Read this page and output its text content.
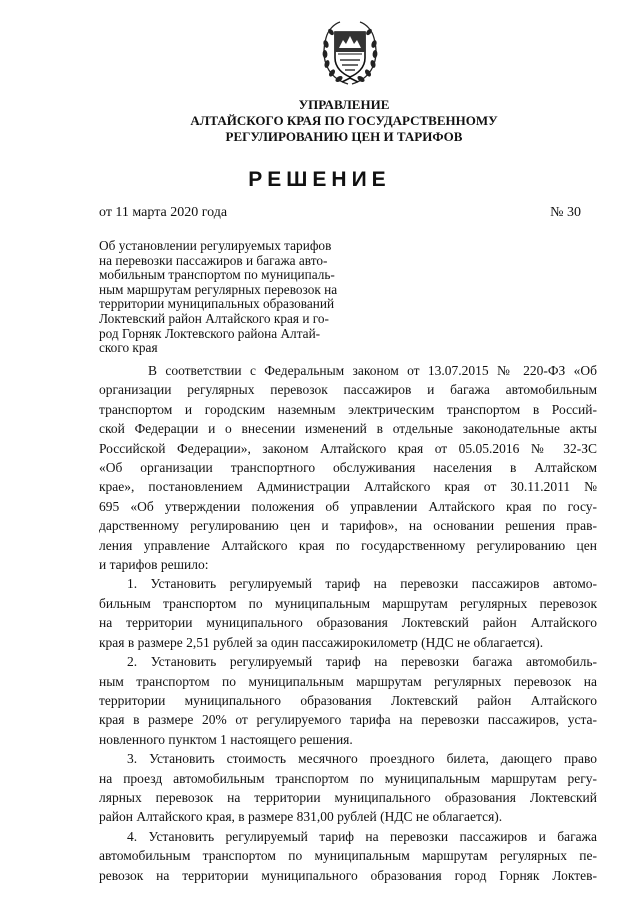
УПРАВЛЕНИЕ
АЛТАЙСКОГО КРАЯ ПО ГОСУДАРСТВЕННОМУ
РЕГУЛИРОВАНИЮ ЦЕН И ТАРИФОВ
РЕШЕНИЕ
от 11 марта 2020 года	№ 30
Об установлении регулируемых тарифов
на перевозки пассажиров и багажа авто-
мобильным транспортом по муниципаль-
ным маршрутам регулярных перевозок на
территории муниципальных образований
Локтевский район Алтайского края и го-
род Горняк Локтевского района Алтай-
ского края
В соответствии с Федеральным законом от 13.07.2015 № 220-ФЗ «Об
организации регулярных перевозок пассажиров и багажа автомобильным
транспортом и городским наземным электрическим транспортом в Россий-
ской Федерации и о внесении изменений в отдельные законодательные акты
Российской Федерации», законом Алтайского края от 05.05.2016 № 32-ЗС
«Об организации транспортного обслуживания населения в Алтайском
крае», постановлением Администрации Алтайского края от 30.11.2011 №
695 «Об утверждении положения об управлении Алтайского края по госу-
дарственному регулированию цен и тарифов», на основании решения прав-
ления управление Алтайского края по государственному регулированию цен
и тарифов решило:
1. Установить регулируемый тариф на перевозки пассажиров автомо-
бильным транспортом по муниципальным маршрутам регулярных перевозок
на территории муниципального образования Локтевский район Алтайского
края в размере 2,51 рублей за один пассажирокилометр (НДС не облагается).
2. Установить регулируемый тариф на перевозки багажа автомобиль-
ным транспортом по муниципальным маршрутам регулярных перевозок на
территории муниципального образования Локтевский район Алтайского
края в размере 20% от регулируемого тарифа на перевозки пассажиров, уста-
новленного пунктом 1 настоящего решения.
3. Установить стоимость месячного проездного билета, дающего право
на проезд автомобильным транспортом по муниципальным маршрутам регу-
лярных перевозок на территории муниципального образования Локтевский
район Алтайского края, в размере 831,00 рублей (НДС не облагается).
4. Установить регулируемый тариф на перевозки пассажиров и багажа
автомобильным транспортом по муниципальным маршрутам регулярных пе-
ревозок на территории муниципального образования город Горняк Локтев-
